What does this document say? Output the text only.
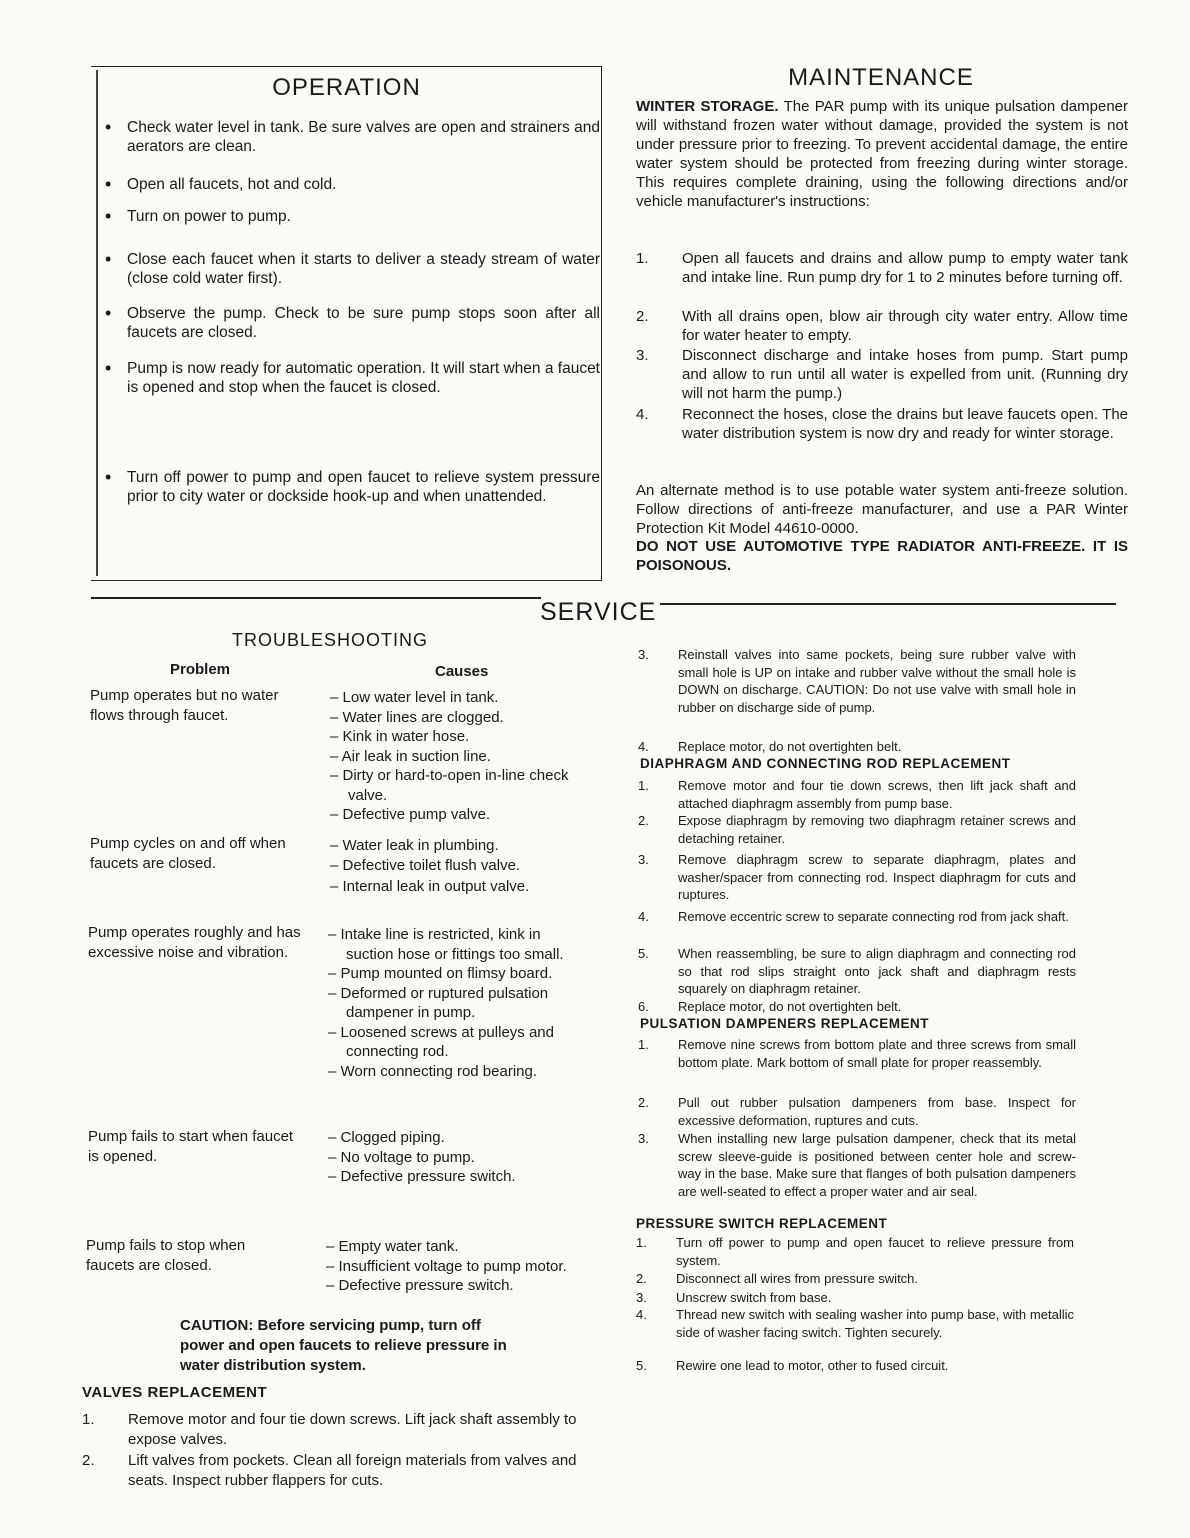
OPERATION
• Check water level in tank. Be sure valves are open and strainers and aerators are clean.
• Open all faucets, hot and cold.
• Turn on power to pump.
• Close each faucet when it starts to deliver a steady stream of water (close cold water first).
• Observe the pump. Check to be sure pump stops soon after all faucets are closed.
• Pump is now ready for automatic operation. It will start when a faucet is opened and stop when the faucet is closed.
• Turn off power to pump and open faucet to relieve system pressure prior to city water or dockside hook-up and when unattended.
MAINTENANCE
WINTER STORAGE. The PAR pump with its unique pulsation dampener will withstand frozen water without damage, provided the system is not under pressure prior to freezing. To prevent accidental damage, the entire water system should be protected from freezing during winter storage. This requires complete draining, using the following directions and/or vehicle manufacturer's instructions:
1. Open all faucets and drains and allow pump to empty water tank and intake line. Run pump dry for 1 to 2 minutes before turning off.
2. With all drains open, blow air through city water entry. Allow time for water heater to empty.
3. Disconnect discharge and intake hoses from pump. Start pump and allow to run until all water is expelled from unit. (Running dry will not harm the pump.)
4. Reconnect the hoses, close the drains but leave faucets open. The water distribution system is now dry and ready for winter storage.
An alternate method is to use potable water system anti-freeze solution. Follow directions of anti-freeze manufacturer, and use a PAR Winter Protection Kit Model 44610-0000.
DO NOT USE AUTOMOTIVE TYPE RADIATOR ANTI-FREEZE. IT IS POISONOUS.
SERVICE
TROUBLESHOOTING
Problem	Causes
Pump operates but no water flows through faucet.
– Low water level in tank.
– Water lines are clogged.
– Kink in water hose.
– Air leak in suction line.
– Dirty or hard-to-open in-line check valve.
– Defective pump valve.
Pump cycles on and off when faucets are closed.
– Water leak in plumbing.
– Defective toilet flush valve.
– Internal leak in output valve.
Pump operates roughly and has excessive noise and vibration.
– Intake line is restricted, kink in suction hose or fittings too small.
– Pump mounted on flimsy board.
– Deformed or ruptured pulsation dampener in pump.
– Loosened screws at pulleys and connecting rod.
– Worn connecting rod bearing.
Pump fails to start when faucet is opened.
– Clogged piping.
– No voltage to pump.
– Defective pressure switch.
Pump fails to stop when faucets are closed.
– Empty water tank.
– Insufficient voltage to pump motor.
– Defective pressure switch.
CAUTION: Before servicing pump, turn off power and open faucets to relieve pressure in water distribution system.
VALVES REPLACEMENT
1. Remove motor and four tie down screws. Lift jack shaft assembly to expose valves.
2. Lift valves from pockets. Clean all foreign materials from valves and seats. Inspect rubber flappers for cuts.
3. Reinstall valves into same pockets, being sure rubber valve with small hole is UP on intake and rubber valve without the small hole is DOWN on discharge. CAUTION: Do not use valve with small hole in rubber on discharge side of pump.
4. Replace motor, do not overtighten belt.
DIAPHRAGM AND CONNECTING ROD REPLACEMENT
1. Remove motor and four tie down screws, then lift jack shaft and attached diaphragm assembly from pump base.
2. Expose diaphragm by removing two diaphragm retainer screws and detaching retainer.
3. Remove diaphragm screw to separate diaphragm, plates and washer/spacer from connecting rod. Inspect diaphragm for cuts and ruptures.
4. Remove eccentric screw to separate connecting rod from jack shaft.
5. When reassembling, be sure to align diaphragm and connecting rod so that rod slips straight onto jack shaft and diaphragm rests squarely on diaphragm retainer.
6. Replace motor, do not overtighten belt.
PULSATION DAMPENERS REPLACEMENT
1. Remove nine screws from bottom plate and three screws from small bottom plate. Mark bottom of small plate for proper reassembly.
2. Pull out rubber pulsation dampeners from base. Inspect for excessive deformation, ruptures and cuts.
3. When installing new large pulsation dampener, check that its metal screw sleeve-guide is positioned between center hole and screw-way in the base. Make sure that flanges of both pulsation dampeners are well-seated to effect a proper water and air seal.
PRESSURE SWITCH REPLACEMENT
1. Turn off power to pump and open faucet to relieve pressure from system.
2. Disconnect all wires from pressure switch.
3. Unscrew switch from base.
4. Thread new switch with sealing washer into pump base, with metallic side of washer facing switch. Tighten securely.
5. Rewire one lead to motor, other to fused circuit.
